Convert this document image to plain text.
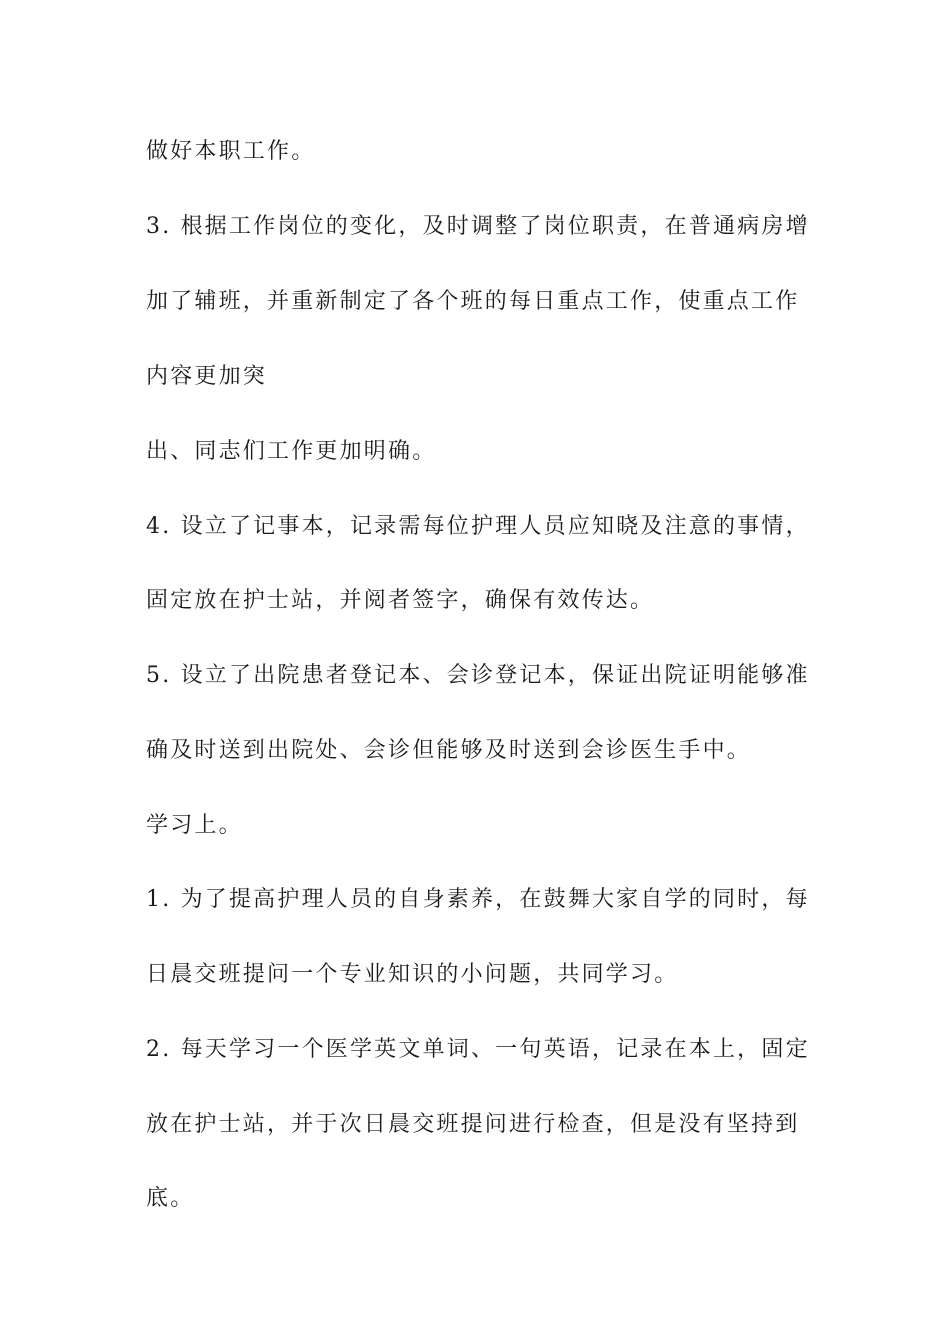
做好本职工作。
3. 根据工作岗位的变化，及时调整了岗位职责，在普通病房增
加了辅班，并重新制定了各个班的每日重点工作，使重点工作
内容更加突
出、同志们工作更加明确。
4. 设立了记事本，记录需每位护理人员应知晓及注意的事情，
固定放在护士站，并阅者签字，确保有效传达。
5. 设立了出院患者登记本、会诊登记本，保证出院证明能够准
确及时送到出院处、会诊但能够及时送到会诊医生手中。
学习上。
1. 为了提高护理人员的自身素养，在鼓舞大家自学的同时，每
日晨交班提问一个专业知识的小问题，共同学习。
2. 每天学习一个医学英文单词、一句英语，记录在本上，固定
放在护士站，并于次日晨交班提问进行检查，但是没有坚持到
底。
